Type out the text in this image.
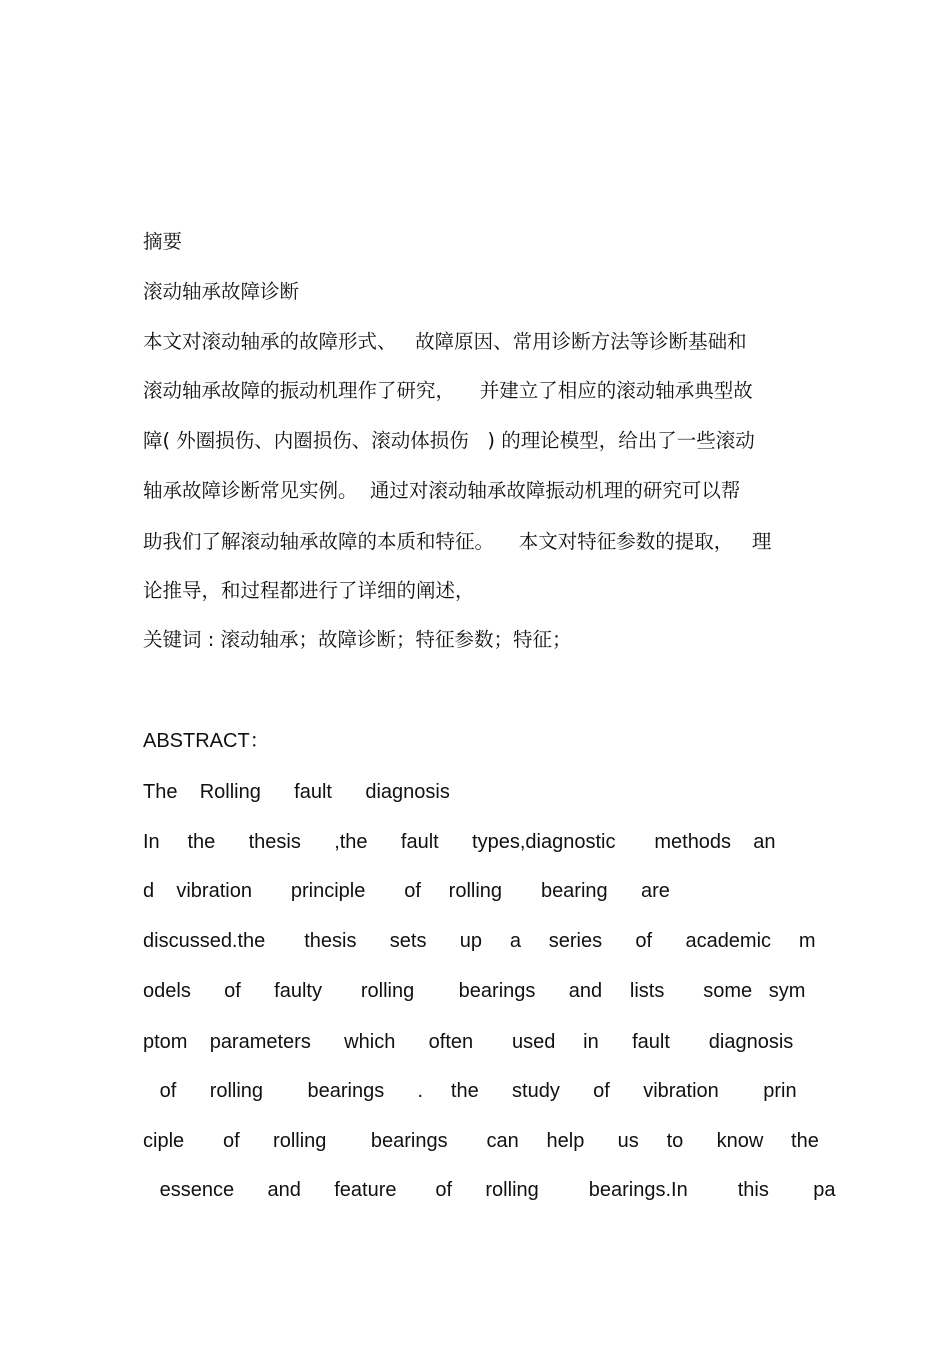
摘要
滚动轴承故障诊断
本文对滚动轴承的故障形式、   故障原因、常用诊断方法等诊断基础和
滚动轴承故障的振动机理作了研究，    并建立了相应的滚动轴承典型故
障( 外圈损伤、内圈损伤、滚动体损伤   ) 的理论模型，给出了一些滚动
轴承故障诊断常见实例。  通过对滚动轴承故障振动机理的研究可以帮
助我们了解滚动轴承故障的本质和特征。    本文对特征参数的提取，   理
论推导，和过程都进行了详细的阐述，
关键词 : 滚动轴承；故障诊断；特征参数；特征；
ABSTRACT：
The    Rolling      fault      diagnosis
In     the      thesis      ,the      fault      types,diagnostic       methods    an
d    vibration       principle       of     rolling       bearing      are
discussed.the       thesis      sets      up     a     series      of      academic     m
odels      of      faulty       rolling        bearings      and     lists       some   sym
ptom    parameters      which      often       used     in      fault       diagnosis
of      rolling        bearings      .     the      study      of      vibration        prin
ciple       of      rolling        bearings       can     help      us     to      know     the
essence      and      feature       of      rolling         bearings.In         this        pa
